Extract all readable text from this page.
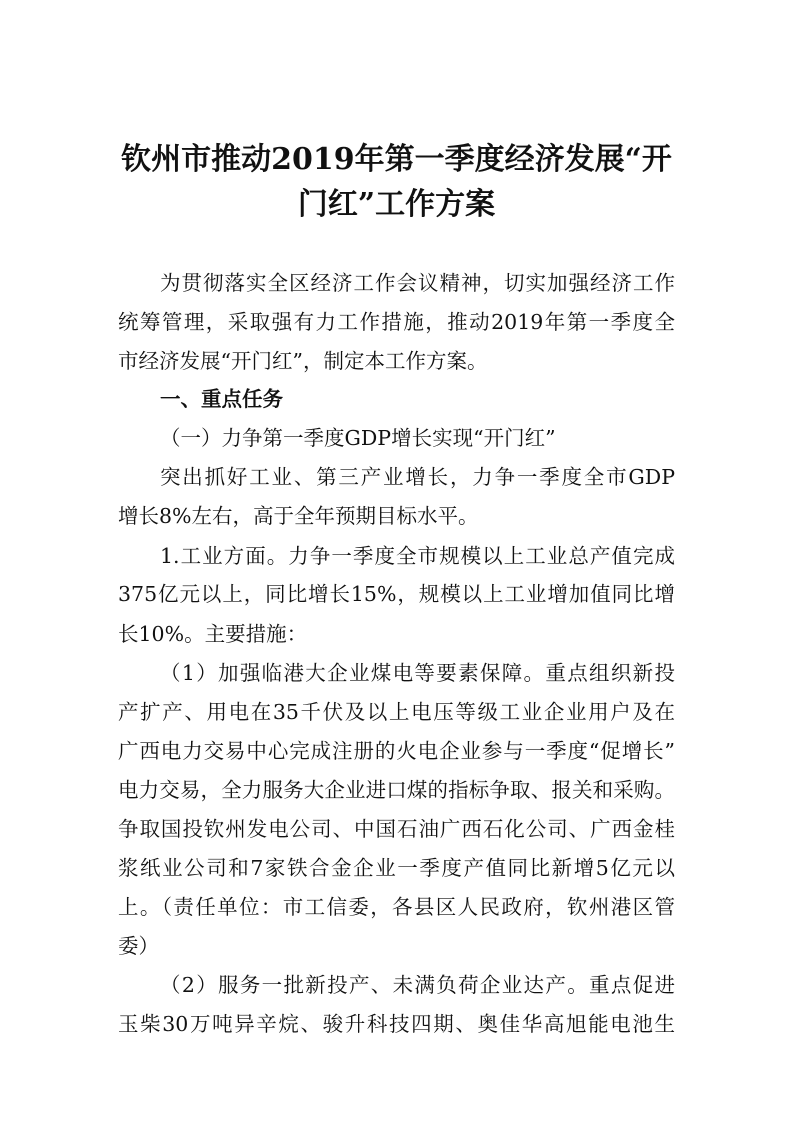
钦州市推动2019年第一季度经济发展“开
门红”工作方案
为贯彻落实全区经济工作会议精神，切实加强经济工作
统筹管理，采取强有力工作措施，推动2019年第一季度全
市经济发展“开门红”，制定本工作方案。
一、重点任务
（一）力争第一季度GDP增长实现“开门红”
突出抓好工业、第三产业增长，力争一季度全市GDP
增长8%左右，高于全年预期目标水平。
1.工业方面。力争一季度全市规模以上工业总产值完成
375亿元以上，同比增长15%，规模以上工业增加值同比增
长10%。主要措施：
（1）加强临港大企业煤电等要素保障。重点组织新投
产扩产、用电在35千伏及以上电压等级工业企业用户及在
广西电力交易中心完成注册的火电企业参与一季度“促增长”
电力交易，全力服务大企业进口煤的指标争取、报关和采购。
争取国投钦州发电公司、中国石油广西石化公司、广西金桂
浆纸业公司和7家铁合金企业一季度产值同比新增5亿元以
上。（责任单位：市工信委，各县区人民政府，钦州港区管
委）
（2）服务一批新投产、未满负荷企业达产。重点促进
玉柴30万吨异辛烷、骏升科技四期、奥佳华高旭能电池生
